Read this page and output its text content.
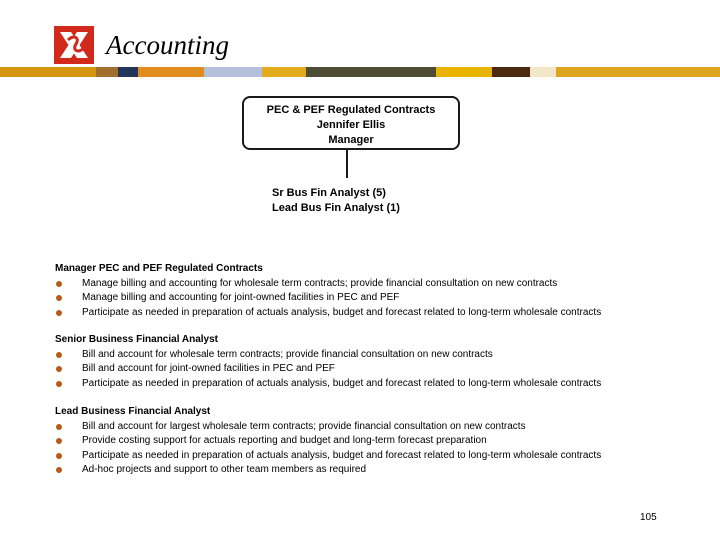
Accounting
PEC & PEF Regulated Contracts
Jennifer Ellis
Manager
Sr Bus Fin Analyst (5)
Lead Bus Fin Analyst (1)
Manager PEC and PEF Regulated Contracts
Manage billing and accounting for wholesale term contracts; provide financial consultation on new contracts
Manage billing and accounting for joint-owned facilities in PEC and PEF
Participate as needed in preparation of actuals analysis, budget and forecast related to long-term wholesale contracts
Senior Business Financial Analyst
Bill and account for wholesale term contracts; provide financial consultation on new contracts
Bill and account for joint-owned facilities in PEC and PEF
Participate as needed in preparation of actuals analysis, budget and forecast related to long-term wholesale contracts
Lead Business Financial Analyst
Bill and account for largest wholesale term contracts; provide financial consultation on new contracts
Provide costing support for actuals reporting and budget and long-term forecast preparation
Participate as needed in preparation of actuals analysis, budget and forecast related to long-term wholesale contracts
Ad-hoc projects and support to other team members as required
105
